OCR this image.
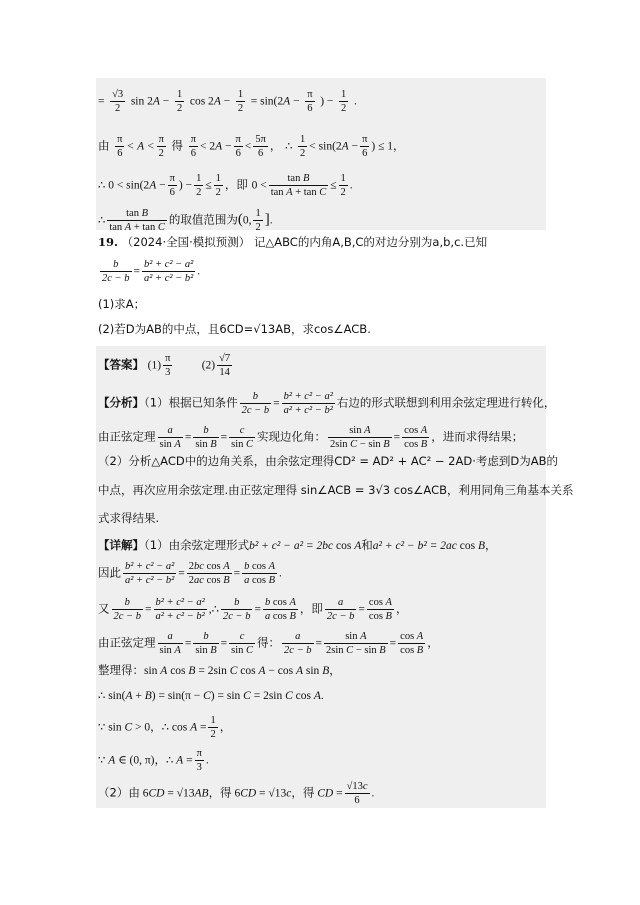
= $\frac{√3}{2}$ $\sin 2A - \frac{1}{2}$ $\cos 2A - \frac{1}{2} = \sin(2A - \frac{\pi}{6}$ ) − $\frac{1}{2}$ .
由 $\frac{\pi}{6} < A < \frac{\pi}{2}$ 得 $\frac{\pi}{6} < 2A - \frac{\pi}{6} < \frac{5\pi}{6}$ ， ∴ $\frac{1}{2} < \sin(2A - \frac{\pi}{6}$ ) ≤ 1，
∴ $0 < \sin(2A - \frac{\pi}{6}$ ) − $\frac{1}{2} \le \frac{1}{2}$ ，即 $0 < \frac{\text{tan B}}{\text{tan A + tan C}} \le \frac{1}{2}$ .
∴ $\frac{\text{tan B}}{\text{tan A + tan C}}$ 的取值范围为(0, $\frac{1}{2}$ ].
19. （2024·全国·模拟预测） 记△ABC的内角A,B,C的对边分别为a,b,c.已知
$\frac{b}{2c - b} = \frac{\text{b² + c² − a²}}{\text{a² + c² − b²}}$ .
(1)求A；
(2)若D为AB的中点，且6CD=√13AB，求cos∠ACB.
【答案】 $(1) \frac{\pi}{3}$	$(2) \frac{√7}{14}$
【分析】（1）根据已知条件 $\frac{b}{2c - b} = \frac{\text{b² + c² − a²}}{\text{a² + c² − b²}}$ 右边的形式联想到利用余弦定理进行转化，
由正弦定理 $\frac{a}{\text{sin A}} = \frac{b}{\text{sin B}} = \frac{c}{\text{sin C}}$ 实现边化角： $\frac{\text{sin A}}{\text{2sin C − sin B}} = \frac{\text{cos A}}{\text{cos B}}$ ，进而求得结果；
（2）分析△ACD中的边角关系，由余弦定理得CD² = AD² + AC² − 2AD·考虑到D为AB的
中点，再次应用余弦定理.由正弦定理得 sin∠ACB = 3√3 cos∠ACB，利用同角三角基本关系
式求得结果.
【详解】（1）由余弦定理形式b² + c² − a² = 2bc cos A和a² + c² − b² = 2ac cos B，
因此 $\frac{\text{b² + c² − a²}}{\text{a² + c² − b²}} = \frac{\text{2bc cos A}}{\text{2ac cos B}} = \frac{\text{b cos A}}{\text{a cos B}}$ .
又 $\frac{b}{2c - b} = \frac{\text{b² + c² − a²}}{\text{a² + c² − b²}}$ ,∴ $\frac{b}{2c - b} = \frac{\text{b cos A}}{\text{a cos B}}$ ，即 $\frac{a}{2c - b} = \frac{\text{cos A}}{\text{cos B}}$ ，
由正弦定理 $\frac{a}{\text{sin A}} = \frac{b}{\text{sin B}} = \frac{c}{\text{sin C}}$ 得： $\frac{a}{2c - b} = \frac{\text{sin A}}{\text{2sin C − sin B}} = \frac{\text{cos A}}{\text{cos B}}$ ，
整理得：sin A cos B = 2sin C cos A − cos A sin B，
∴ sin(A + B) = sin(π − C) = sin C = 2sin C cos A.
∵ sin C > 0，∴ $\cos A = \frac{1}{2}$ ，
∵ A ∈ (0, π)，∴ $A = \frac{\pi}{3}$ .
（2）由 6CD = √13AB，得 6CD = √13c，得 CD = $\frac{√13c}{6}$ .
